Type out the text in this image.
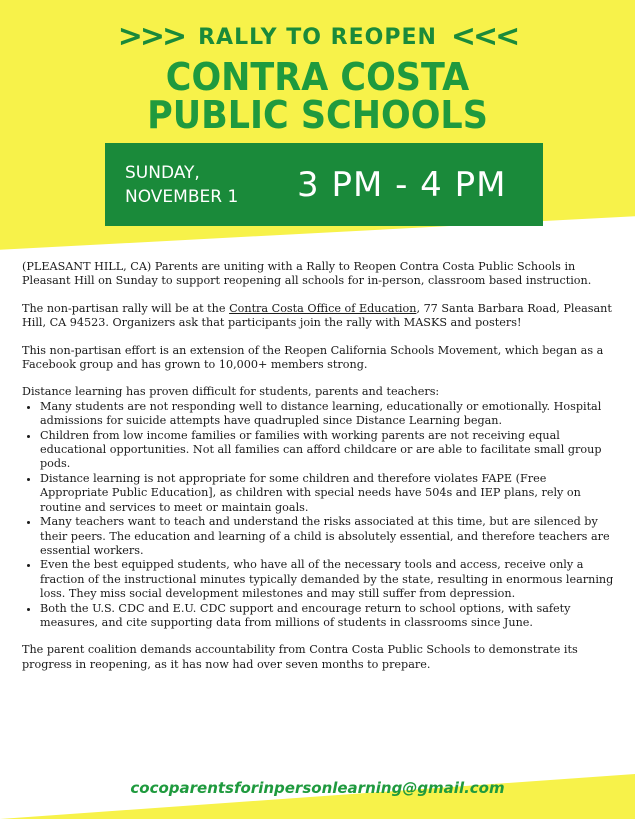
>>> RALLY TO REOPEN <<<
CONTRA COSTA
PUBLIC SCHOOLS
SUNDAY,
NOVEMBER 1	3 PM - 4 PM

(PLEASANT HILL, CA) Parents are uniting with a Rally to Reopen Contra Costa Public Schools in Pleasant Hill on Sunday to support reopening all schools for in-person, classroom based instruction.

The non-partisan rally will be at the Contra Costa Office of Education, 77 Santa Barbara Road, Pleasant Hill, CA 94523. Organizers ask that participants join the rally with MASKS and posters!

This non-partisan effort is an extension of the Reopen California Schools Movement, which began as a Facebook group and has grown to 10,000+ members strong.

Distance learning has proven difficult for students, parents and teachers:
• Many students are not responding well to distance learning, educationally or emotionally. Hospital admissions for suicide attempts have quadrupled since Distance Learning began.
• Children from low income families or families with working parents are not receiving equal educational opportunities. Not all families can afford childcare or are able to facilitate small group pods.
• Distance learning is not appropriate for some children and therefore violates FAPE (Free Appropriate Public Education], as children with special needs have 504s and IEP plans, rely on routine and services to meet or maintain goals.
• Many teachers want to teach and understand the risks associated at this time, but are silenced by their peers. The education and learning of a child is absolutely essential, and therefore teachers are essential workers.
• Even the best equipped students, who have all of the necessary tools and access, receive only a fraction of the instructional minutes typically demanded by the state, resulting in enormous learning loss. They miss social development milestones and may still suffer from depression.
• Both the U.S. CDC and E.U. CDC support and encourage return to school options, with safety measures, and cite supporting data from millions of students in classrooms since June.

The parent coalition demands accountability from Contra Costa Public Schools to demonstrate its progress in reopening, as it has now had over seven months to prepare.

cocoparentsforinpersonlearning@gmail.com
